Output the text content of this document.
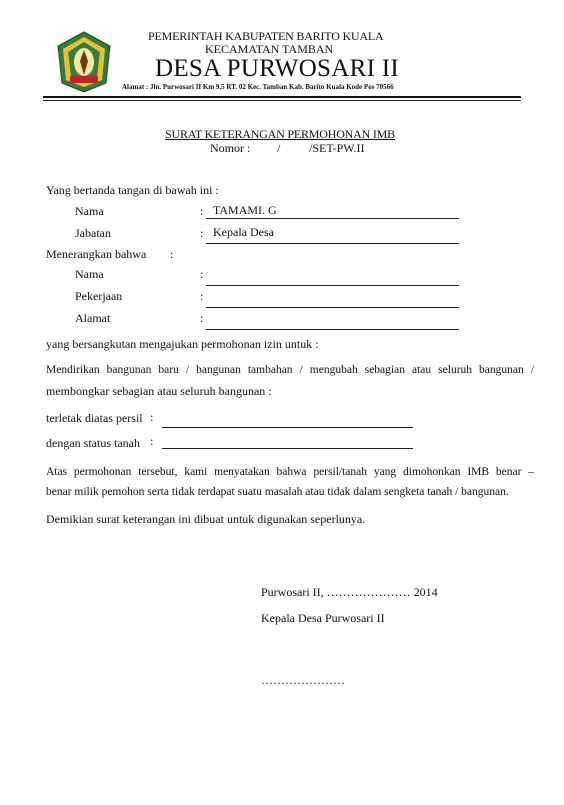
PEMERINTAH KABUPATEN BARITO KUALA
KECAMATAN TAMBAN
DESA PURWOSARI II
Alamat : Jln. Purwosari II Km 9,5 RT. 02 Kec. Tamban Kab. Barito Kuala Kode Pos 70566
SURAT KETERANGAN PERMOHONAN IMB
Nomor : / /SET-PW.II
Yang bertanda tangan di bawah ini :
Nama	: TAMAMI. G
Jabatan	: Kepala Desa
Menerangkan bahwa :
Nama	:
Pekerjaan	:
Alamat	:
yang bersangkutan mengajukan permohonan izin untuk :
Mendirikan bangunan baru / bangunan tambahan / mengubah sebagian atau seluruh bangunan /
membongkar sebagian atau seluruh bangunan :
terletak diatas persil :
dengan status tanah :
Atas permohonan tersebut, kami menyatakan bahwa persil/tanah yang dimohonkan IMB benar –
benar milik pemohon serta tidak terdapat suatu masalah atau tidak dalam sengketa tanah / bangunan.
Demikian surat keterangan ini dibuat untuk digunakan seperlunya.
Purwosari II, ………………… 2014
Kepala Desa Purwosari II
…………………
